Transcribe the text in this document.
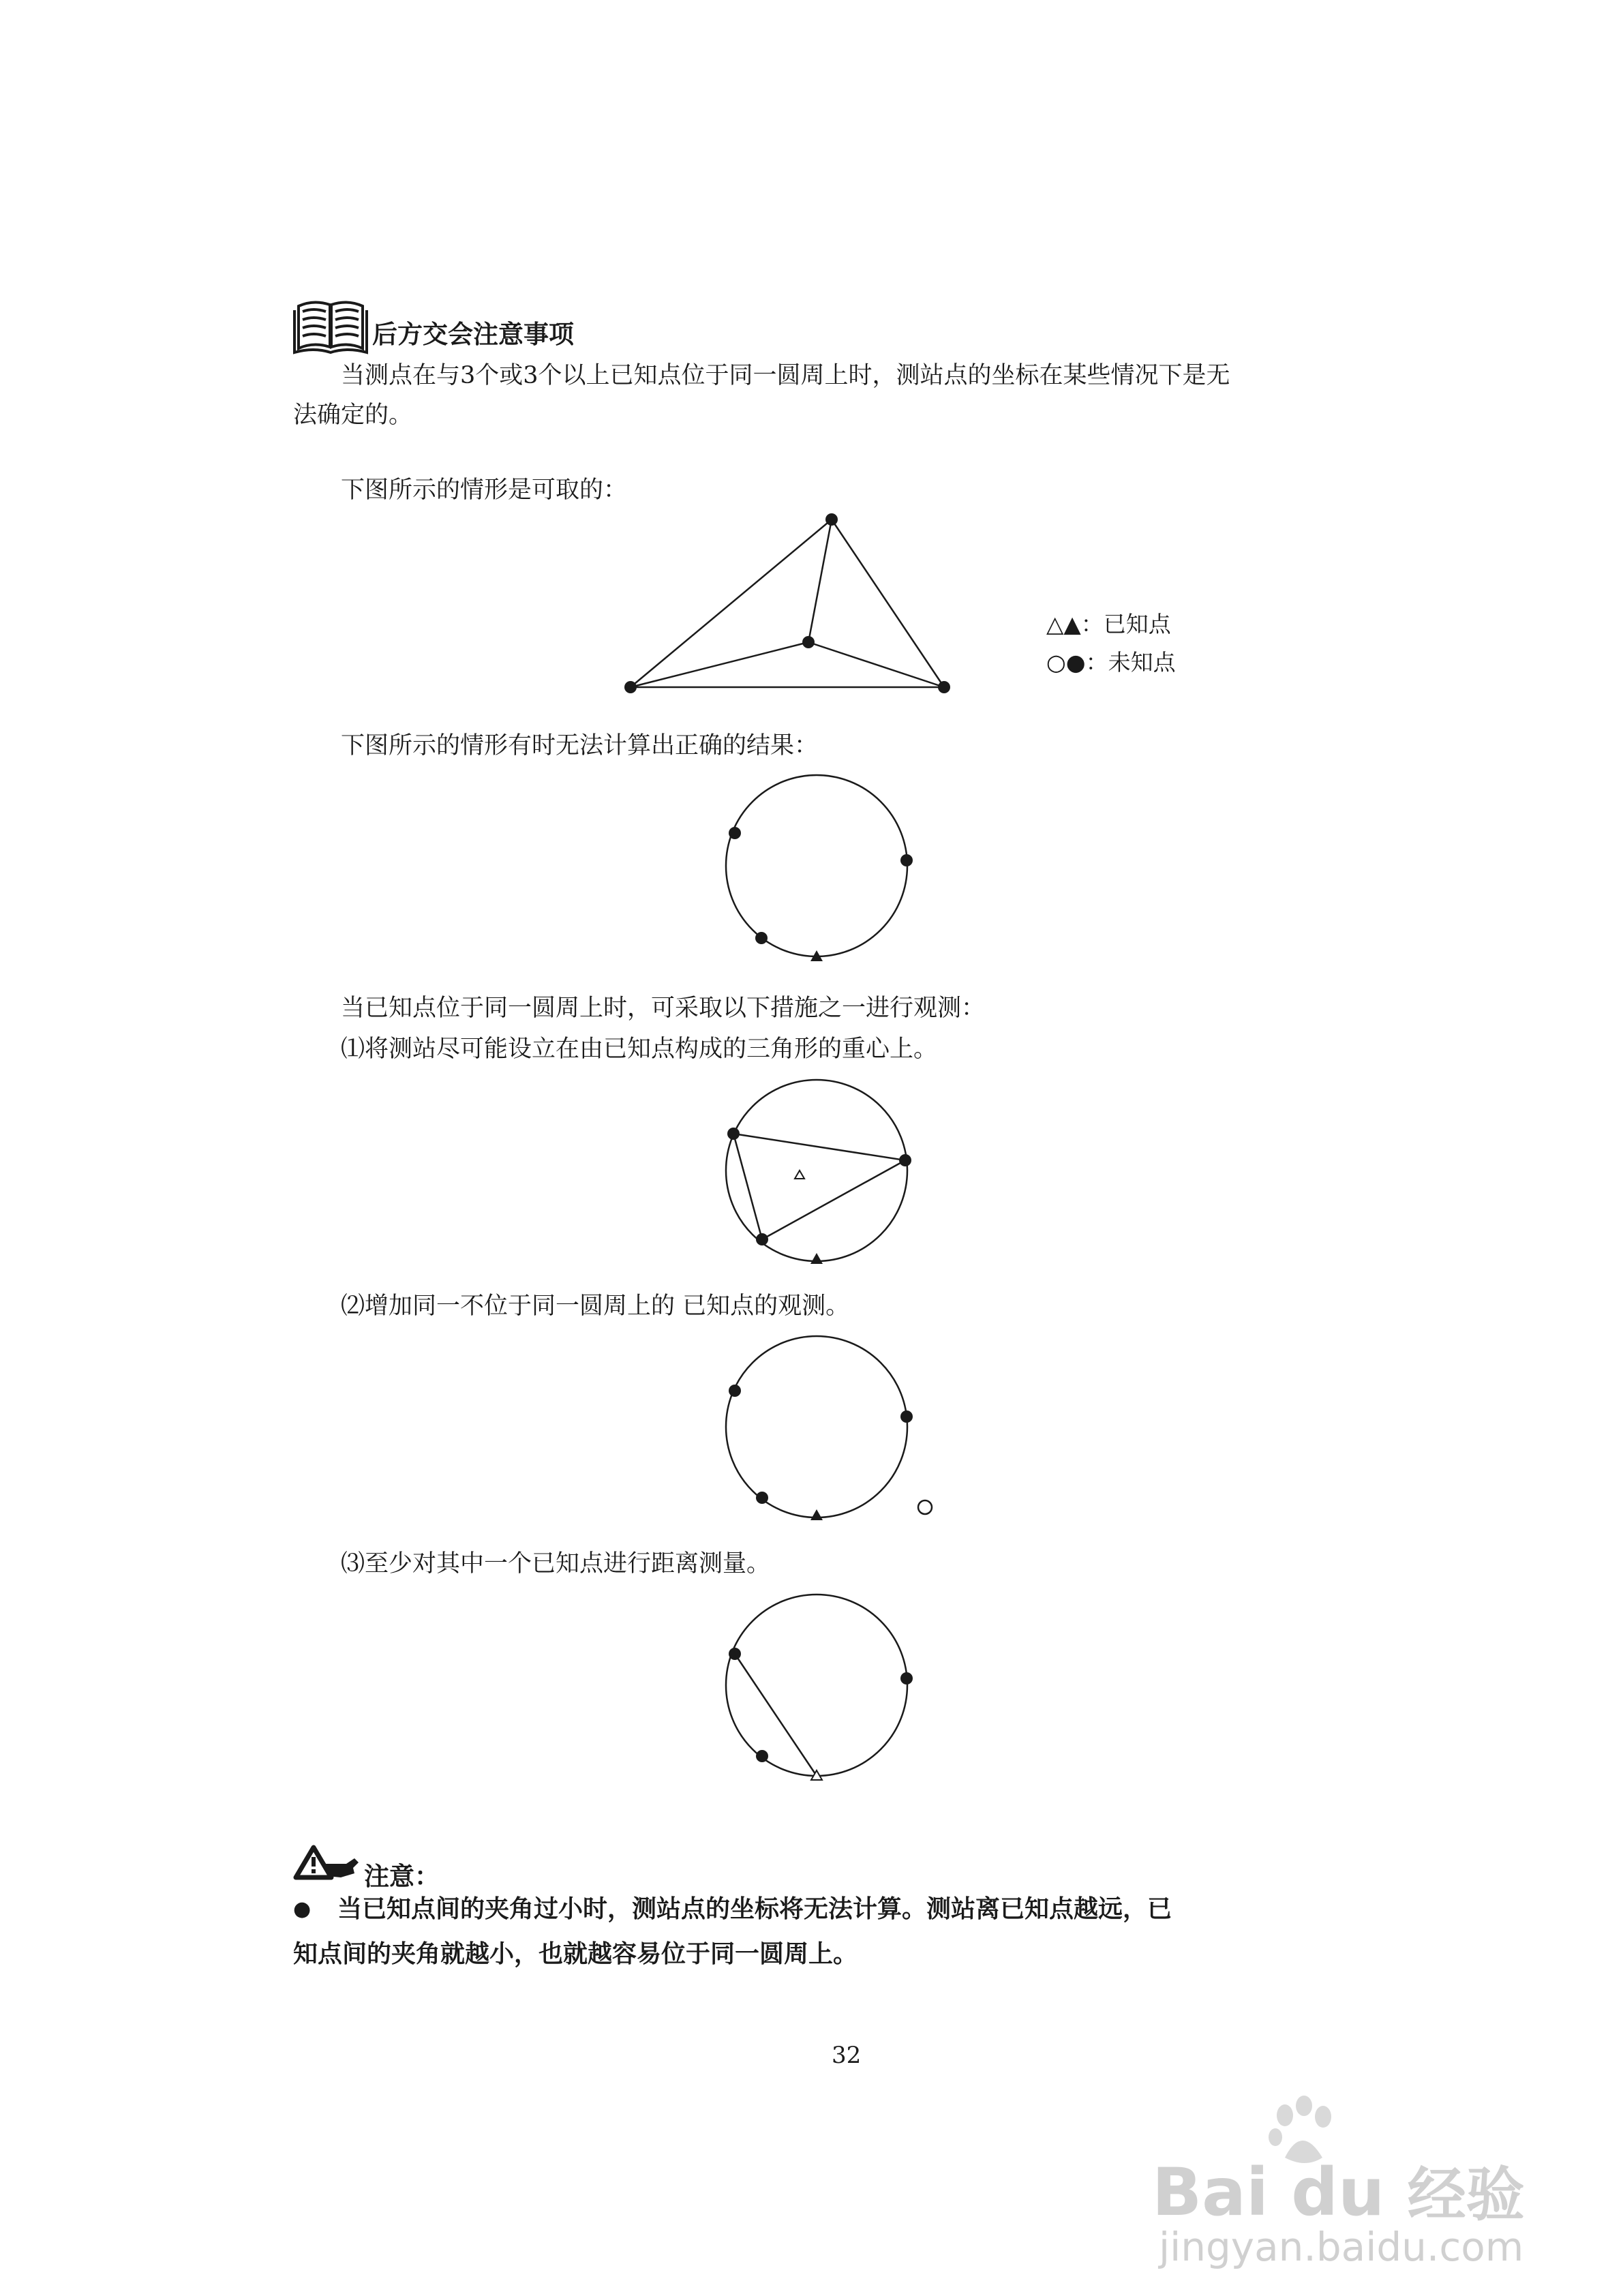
后方交会注意事项
当测点在与3个或3个以上已知点位于同一圆周上时，测站点的坐标在某些情况下是无
法确定的。
下图所示的情形是可取的：
△▲：已知点
○●：未知点
下图所示的情形有时无法计算出正确的结果：
当已知点位于同一圆周上时，可采取以下措施之一进行观测：
⑴将测站尽可能设立在由已知点构成的三角形的重心上。
⑵增加同一不位于同一圆周上的 已知点的观测。
⑶至少对其中一个已知点进行距离测量。
注意：
● 当已知点间的夹角过小时，测站点的坐标将无法计算。测站离已知点越远，已
知点间的夹角就越小，也就越容易位于同一圆周上。
32
Bai du 经验
jingyan.baidu.com
